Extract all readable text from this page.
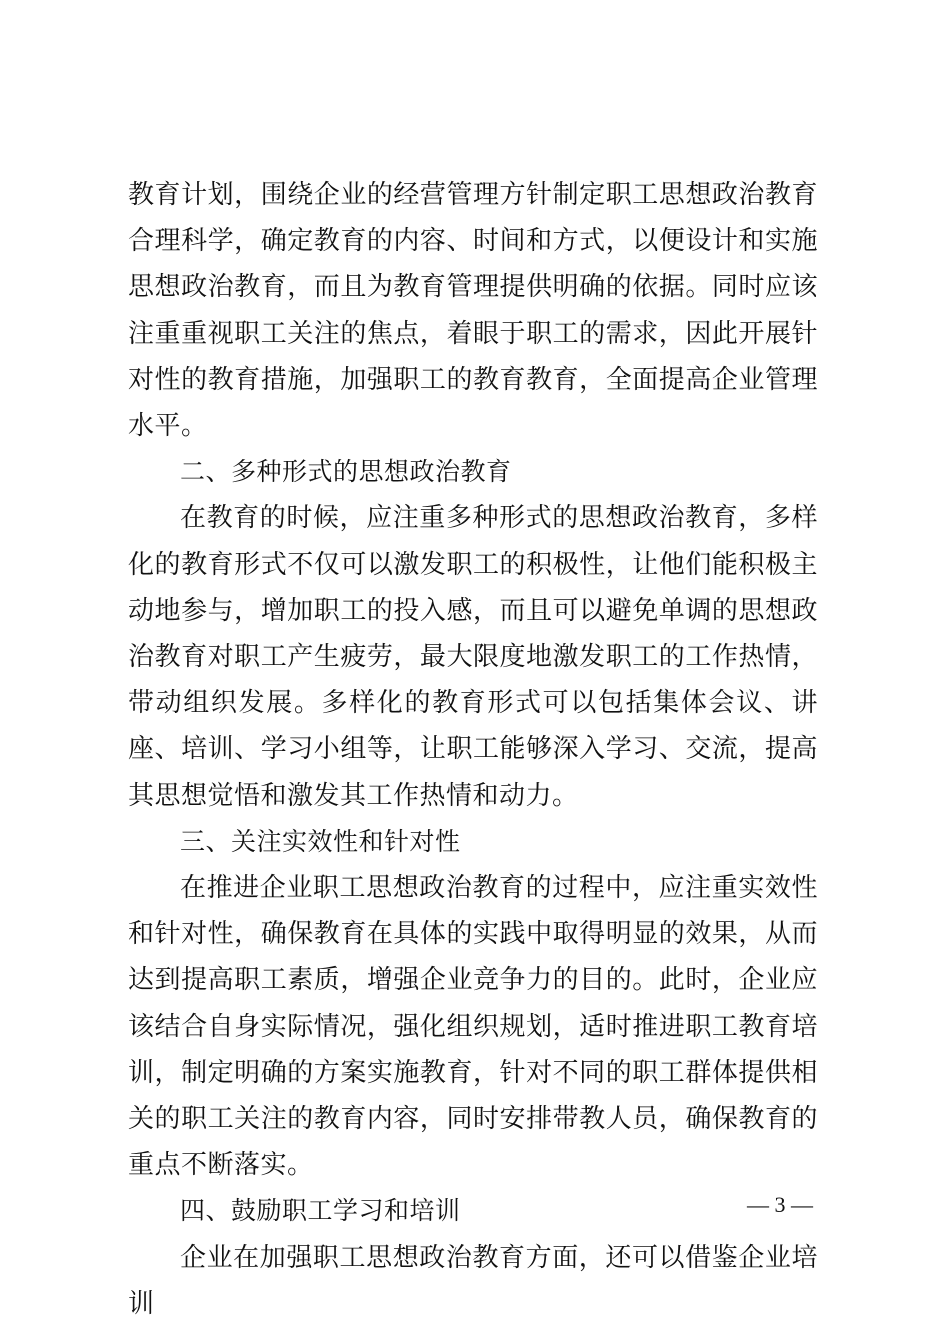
教育计划，围绕企业的经营管理方针制定职工思想政治教育合理科学，确定教育的内容、时间和方式，以便设计和实施思想政治教育，而且为教育管理提供明确的依据。同时应该注重重视职工关注的焦点，着眼于职工的需求，因此开展针对性的教育措施，加强职工的教育教育，全面提高企业管理水平。

二、多种形式的思想政治教育

在教育的时候，应注重多种形式的思想政治教育，多样化的教育形式不仅可以激发职工的积极性，让他们能积极主动地参与，增加职工的投入感，而且可以避免单调的思想政治教育对职工产生疲劳，最大限度地激发职工的工作热情，带动组织发展。多样化的教育形式可以包括集体会议、讲座、培训、学习小组等，让职工能够深入学习、交流，提高其思想觉悟和激发其工作热情和动力。

三、关注实效性和针对性

在推进企业职工思想政治教育的过程中，应注重实效性和针对性，确保教育在具体的实践中取得明显的效果，从而达到提高职工素质，增强企业竞争力的目的。此时，企业应该结合自身实际情况，强化组织规划，适时推进职工教育培训，制定明确的方案实施教育，针对不同的职工群体提供相关的职工关注的教育内容，同时安排带教人员，确保教育的重点不断落实。

四、鼓励职工学习和培训

企业在加强职工思想政治教育方面，还可以借鉴企业培训

— 3 —
